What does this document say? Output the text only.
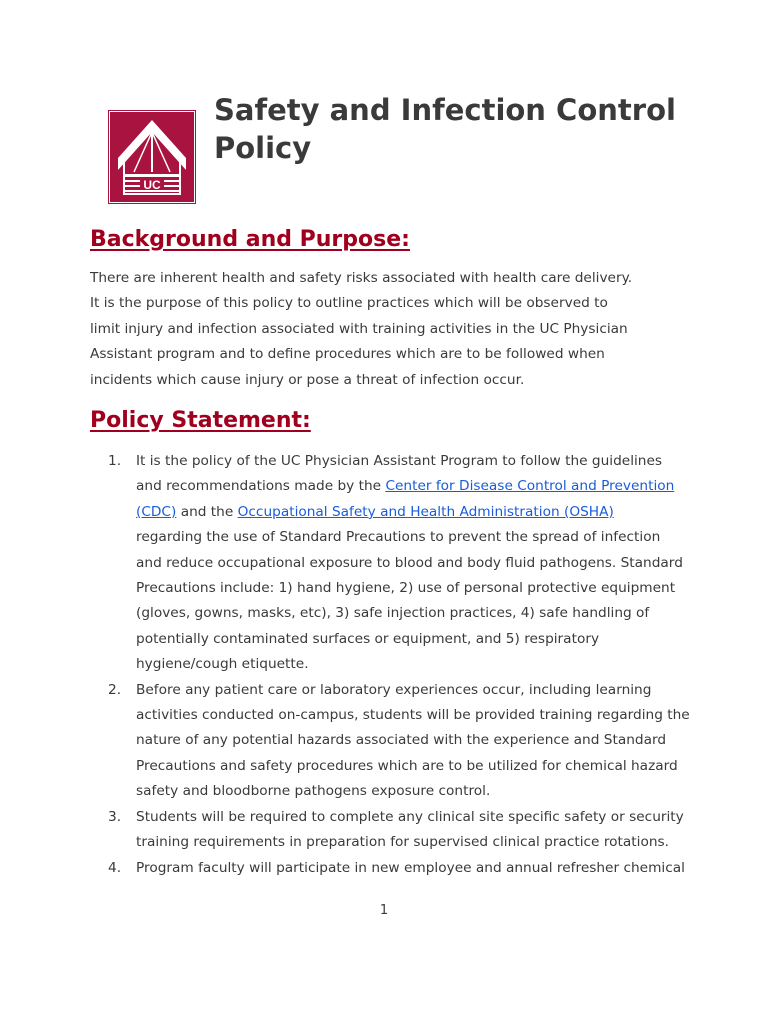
UC
Safety and Infection Control
Policy
Background and Purpose:

There are inherent health and safety risks associated with health care delivery.
It is the purpose of this policy to outline practices which will be observed to
limit injury and infection associated with training activities in the UC Physician
Assistant program and to define procedures which are to be followed when
incidents which cause injury or pose a threat of infection occur.

Policy Statement:
1.	It is the policy of the UC Physician Assistant Program to follow the guidelines
and recommendations made by the Center for Disease Control and Prevention
(CDC) and the Occupational Safety and Health Administration (OSHA)
regarding the use of Standard Precautions to prevent the spread of infection
and reduce occupational exposure to blood and body fluid pathogens. Standard
Precautions include: 1) hand hygiene, 2) use of personal protective equipment
(gloves, gowns, masks, etc), 3) safe injection practices, 4) safe handling of
potentially contaminated surfaces or equipment, and 5) respiratory
hygiene/cough etiquette.
2.	Before any patient care or laboratory experiences occur, including learning
activities conducted on-campus, students will be provided training regarding the
nature of any potential hazards associated with the experience and Standard
Precautions and safety procedures which are to be utilized for chemical hazard
safety and bloodborne pathogens exposure control.
3.	Students will be required to complete any clinical site specific safety or security
training requirements in preparation for supervised clinical practice rotations.
4.	Program faculty will participate in new employee and annual refresher chemical
1
